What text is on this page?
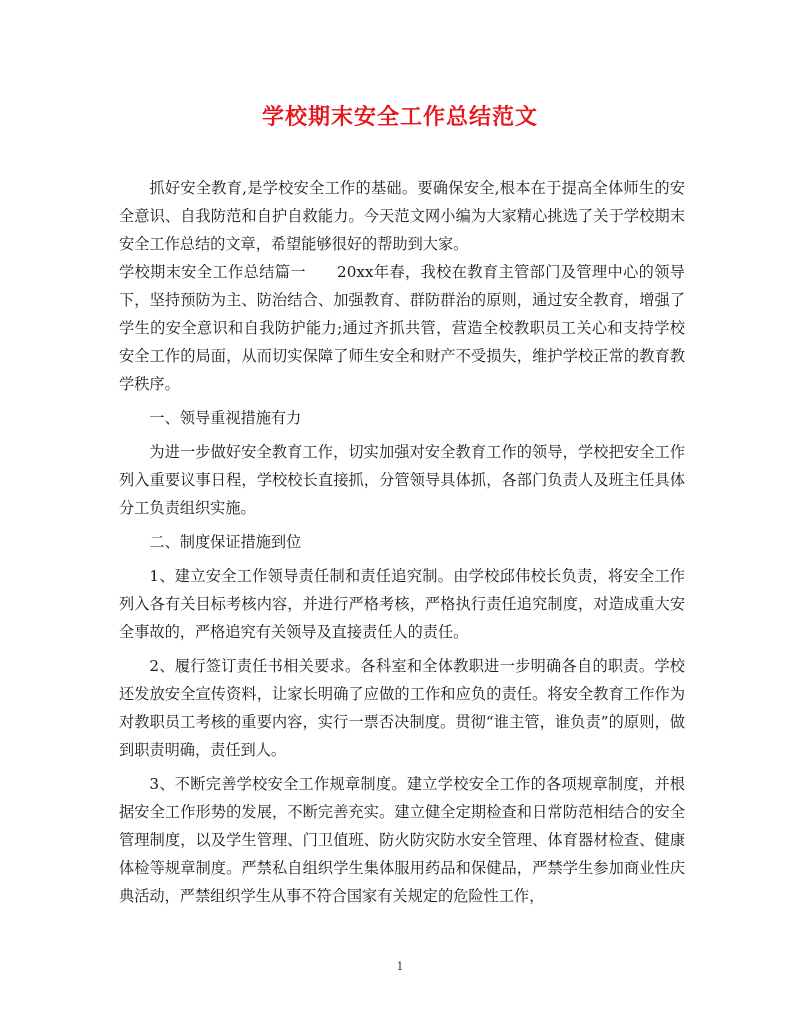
学校期末安全工作总结范文

抓好安全教育,是学校安全工作的基础。要确保安全,根本在于提高全体师生的安全意识、自我防范和自护自救能力。今天范文网小编为大家精心挑选了关于学校期末安全工作总结的文章，希望能够很好的帮助到大家。

学校期末安全工作总结篇一　　20xx年春，我校在教育主管部门及管理中心的领导下，坚持预防为主、防治结合、加强教育、群防群治的原则，通过安全教育，增强了学生的安全意识和自我防护能力;通过齐抓共管，营造全校教职员工关心和支持学校安全工作的局面，从而切实保障了师生安全和财产不受损失，维护学校正常的教育教学秩序。

一、领导重视措施有力

为进一步做好安全教育工作，切实加强对安全教育工作的领导，学校把安全工作列入重要议事日程，学校校长直接抓，分管领导具体抓，各部门负责人及班主任具体分工负责组织实施。

二、制度保证措施到位

1、建立安全工作领导责任制和责任追究制。由学校邱伟校长负责，将安全工作列入各有关目标考核内容，并进行严格考核，严格执行责任追究制度，对造成重大安全事故的，严格追究有关领导及直接责任人的责任。

2、履行签订责任书相关要求。各科室和全体教职进一步明确各自的职责。学校还发放安全宣传资料，让家长明确了应做的工作和应负的责任。将安全教育工作作为对教职员工考核的重要内容，实行一票否决制度。贯彻“谁主管，谁负责”的原则，做到职责明确，责任到人。

3、不断完善学校安全工作规章制度。建立学校安全工作的各项规章制度，并根据安全工作形势的发展，不断完善充实。建立健全定期检查和日常防范相结合的安全管理制度，以及学生管理、门卫值班、防火防灾防水安全管理、体育器材检查、健康体检等规章制度。严禁私自组织学生集体服用药品和保健品，严禁学生参加商业性庆典活动，严禁组织学生从事不符合国家有关规定的危险性工作，

1
